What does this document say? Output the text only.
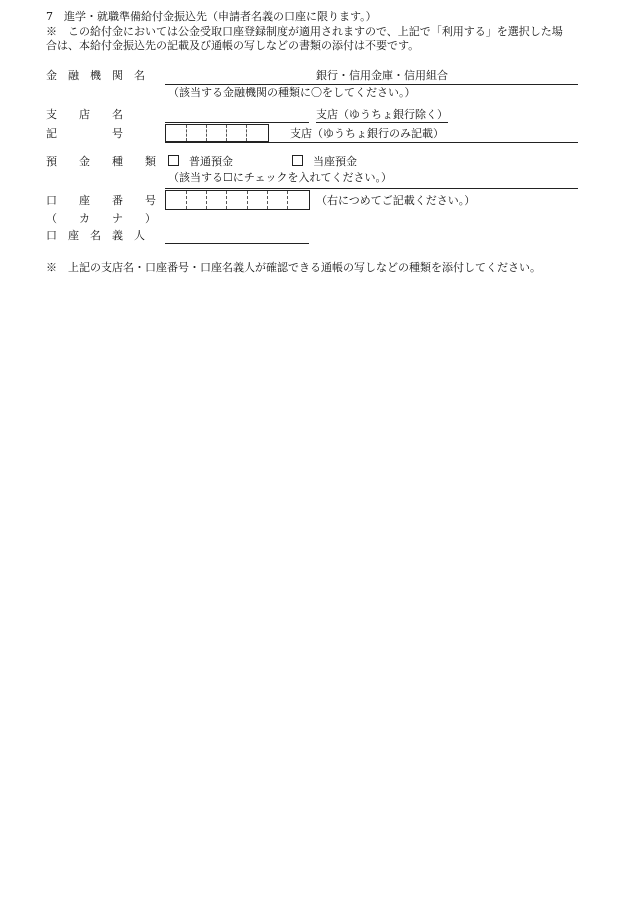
7　進学・就職準備給付金振込先（申請者名義の口座に限ります。）
※　この給付金においては公金受取口座登録制度が適用されますので、上記で「利用する」を選択した場
合は、本給付金振込先の記載及び通帳の写しなどの書類の添付は不要です。
金　融　機　関　名	銀行・信用金庫・信用組合
（該当する金融機関の種類に〇をしてください。）
支　　店　　名	支店（ゆうちょ銀行除く）
記　　　　　号	支店（ゆうちょ銀行のみ記載）
預　　金　　種　　類	普通預金	当座預金
（該当する☐にチェックを入れてください。）
口　　座　　番　　号	（右につめてご記載ください。）
（　　カ　　ナ　　）
口　座　名　義　人
※　上記の支店名・口座番号・口座名義人が確認できる通帳の写しなどの種類を添付してください。
